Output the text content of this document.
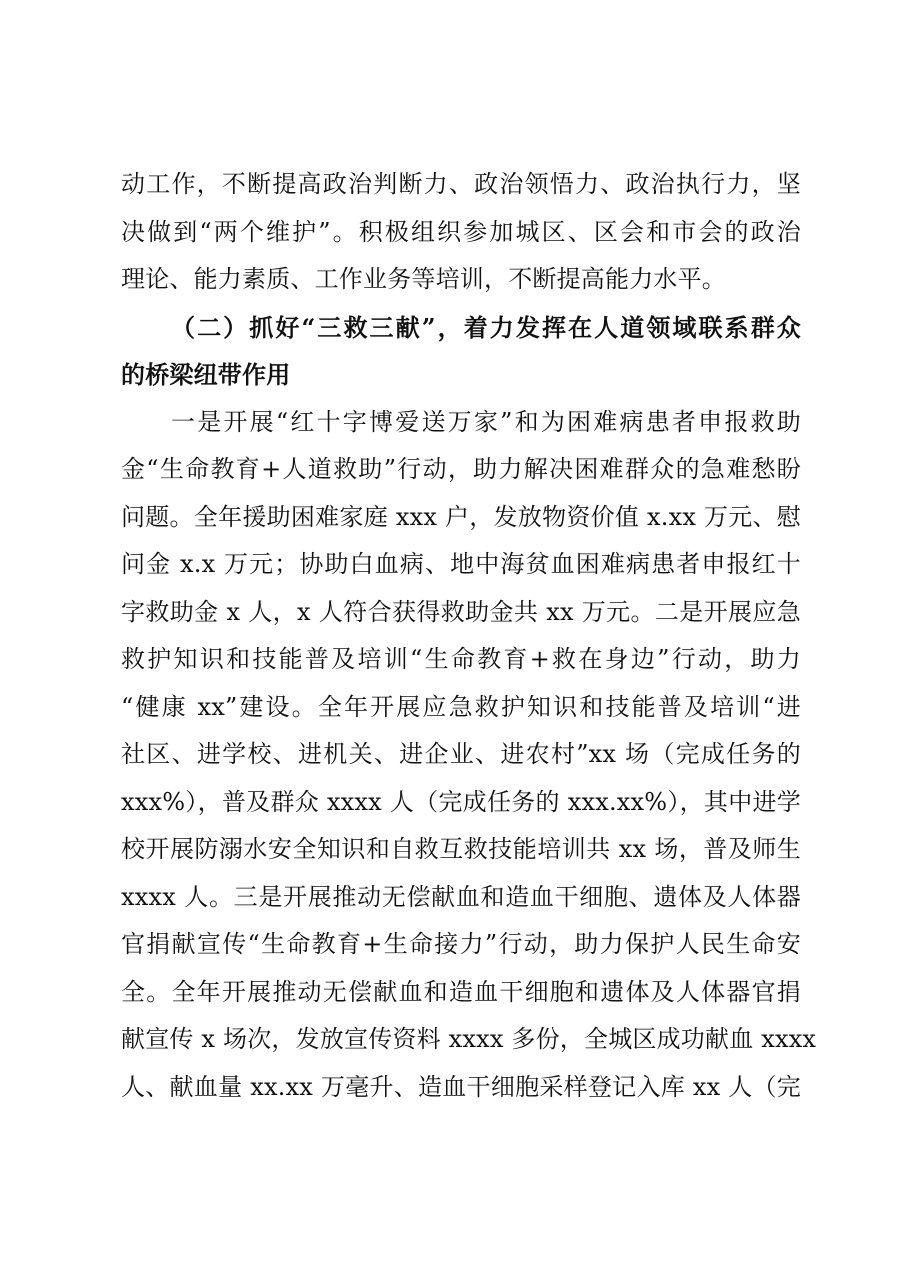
动工作，不断提高政治判断力、政治领悟力、政治执行力，坚
决做到“两个维护”。积极组织参加城区、区会和市会的政治
理论、能力素质、工作业务等培训，不断提高能力水平。
（二）抓好“三救三献”，着力发挥在人道领域联系群众
的桥梁纽带作用
一是开展“红十字博爱送万家”和为困难病患者申报救助
金“生命教育+人道救助”行动，助力解决困难群众的急难愁盼
问题。全年援助困难家庭 xxx 户，发放物资价值 x.xx 万元、慰
问金 x.x 万元；协助白血病、地中海贫血困难病患者申报红十
字救助金 x 人，x 人符合获得救助金共 xx 万元。二是开展应急
救护知识和技能普及培训“生命教育+救在身边”行动，助力
“健康 xx”建设。全年开展应急救护知识和技能普及培训“进
社区、进学校、进机关、进企业、进农村”xx 场（完成任务的
xxx%），普及群众 xxxx 人（完成任务的 xxx.xx%），其中进学
校开展防溺水安全知识和自救互救技能培训共 xx 场，普及师生
xxxx 人。三是开展推动无偿献血和造血干细胞、遗体及人体器
官捐献宣传“生命教育+生命接力”行动，助力保护人民生命安
全。全年开展推动无偿献血和造血干细胞和遗体及人体器官捐
献宣传 x 场次，发放宣传资料 xxxx 多份，全城区成功献血 xxxx
人、献血量 xx.xx 万毫升、造血干细胞采样登记入库 xx 人（完
